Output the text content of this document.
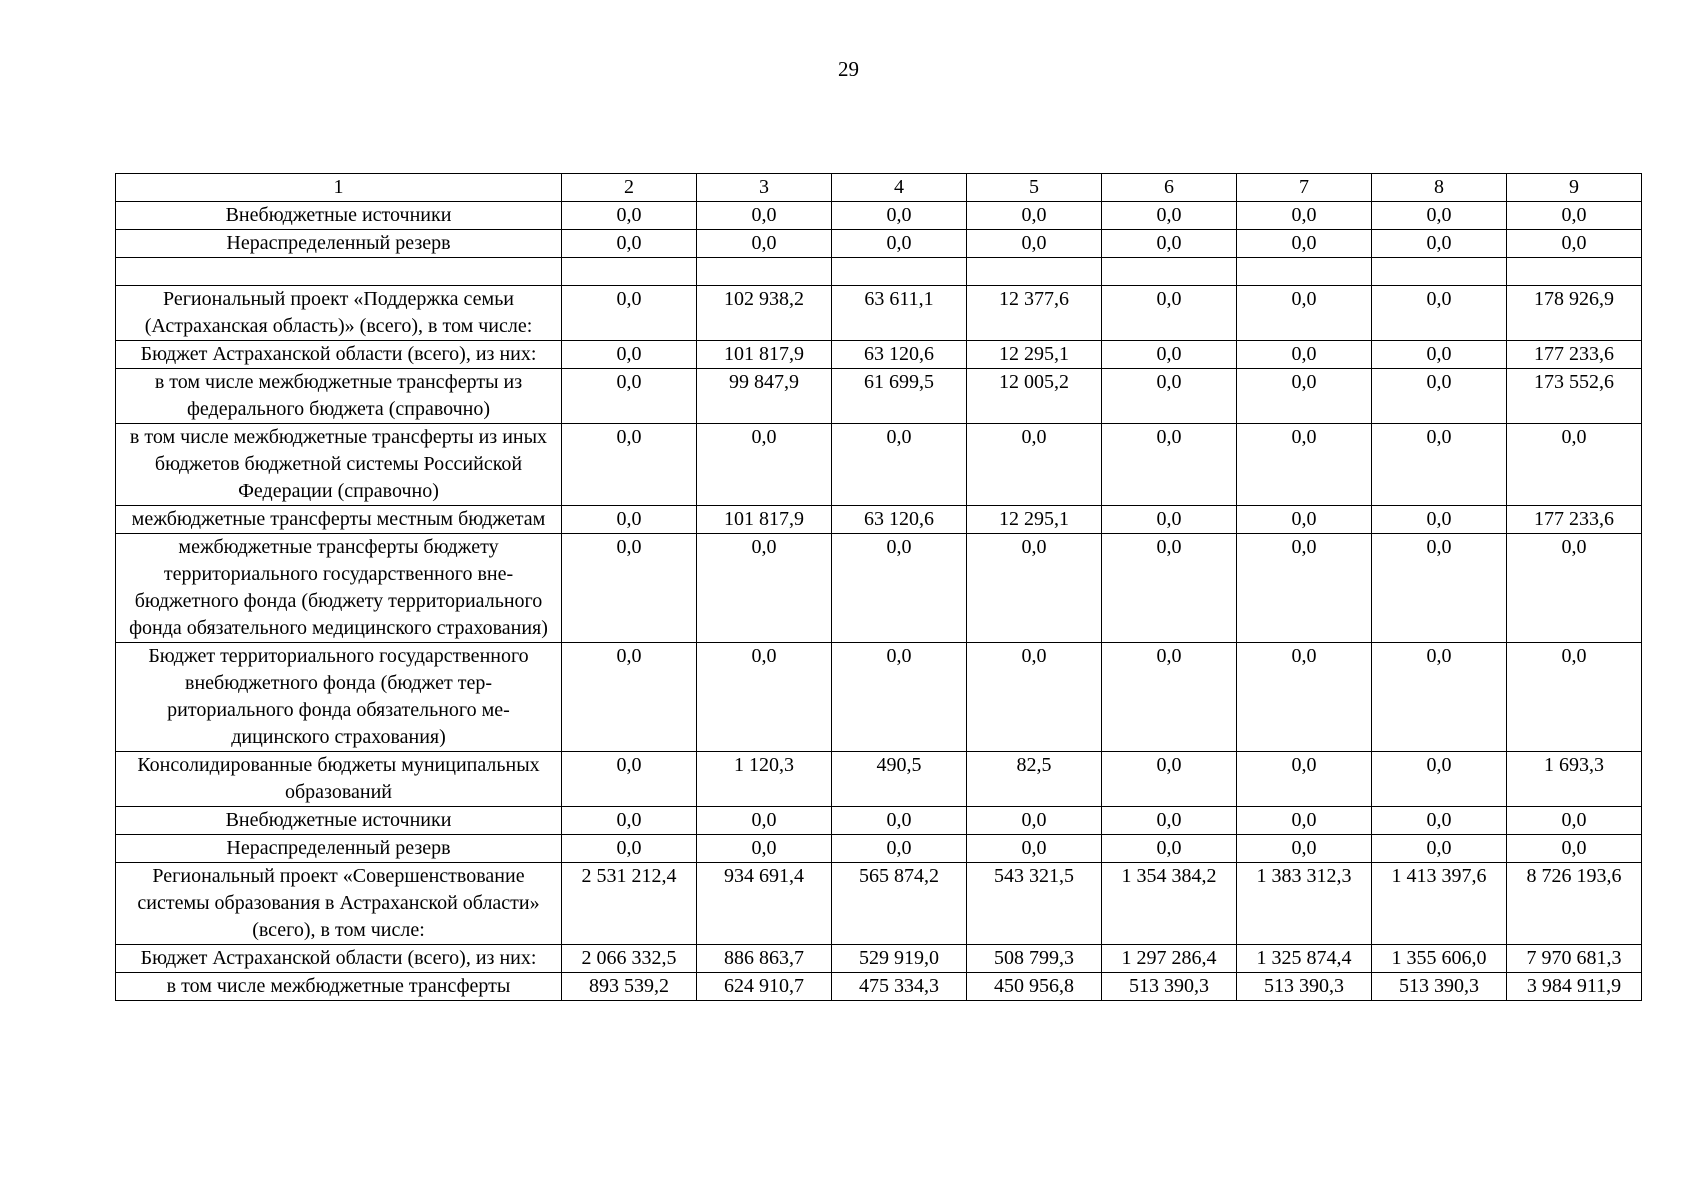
29
1	2	3	4	5	6	7	8	9
Внебюджетные источники	0,0	0,0	0,0	0,0	0,0	0,0	0,0	0,0
Нераспределенный резерв	0,0	0,0	0,0	0,0	0,0	0,0	0,0	0,0

Региональный проект «Поддержка семьи (Астраханская область)» (всего), в том числе:	0,0	102 938,2	63 611,1	12 377,6	0,0	0,0	0,0	178 926,9
Бюджет Астраханской области (всего), из них:	0,0	101 817,9	63 120,6	12 295,1	0,0	0,0	0,0	177 233,6
в том числе межбюджетные трансферты из федерального бюджета (справочно)	0,0	99 847,9	61 699,5	12 005,2	0,0	0,0	0,0	173 552,6
в том числе межбюджетные трансферты из иных бюджетов бюджетной системы Российской Федерации (справочно)	0,0	0,0	0,0	0,0	0,0	0,0	0,0	0,0
межбюджетные трансферты местным бюджетам	0,0	101 817,9	63 120,6	12 295,1	0,0	0,0	0,0	177 233,6
межбюджетные трансферты бюджету территориального государственного внебюджетного фонда (бюджету территориального фонда обязательного медицинского страхования)	0,0	0,0	0,0	0,0	0,0	0,0	0,0	0,0
Бюджет территориального государственного внебюджетного фонда (бюджет территориального фонда обязательного медицинского страхования)	0,0	0,0	0,0	0,0	0,0	0,0	0,0	0,0
Консолидированные бюджеты муниципальных образований	0,0	1 120,3	490,5	82,5	0,0	0,0	0,0	1 693,3
Внебюджетные источники	0,0	0,0	0,0	0,0	0,0	0,0	0,0	0,0
Нераспределенный резерв	0,0	0,0	0,0	0,0	0,0	0,0	0,0	0,0
Региональный проект «Совершенствование системы образования в Астраханской области» (всего), в том числе:	2 531 212,4	934 691,4	565 874,2	543 321,5	1 354 384,2	1 383 312,3	1 413 397,6	8 726 193,6
Бюджет Астраханской области (всего), из них:	2 066 332,5	886 863,7	529 919,0	508 799,3	1 297 286,4	1 325 874,4	1 355 606,0	7 970 681,3
в том числе межбюджетные трансферты	893 539,2	624 910,7	475 334,3	450 956,8	513 390,3	513 390,3	513 390,3	3 984 911,9
